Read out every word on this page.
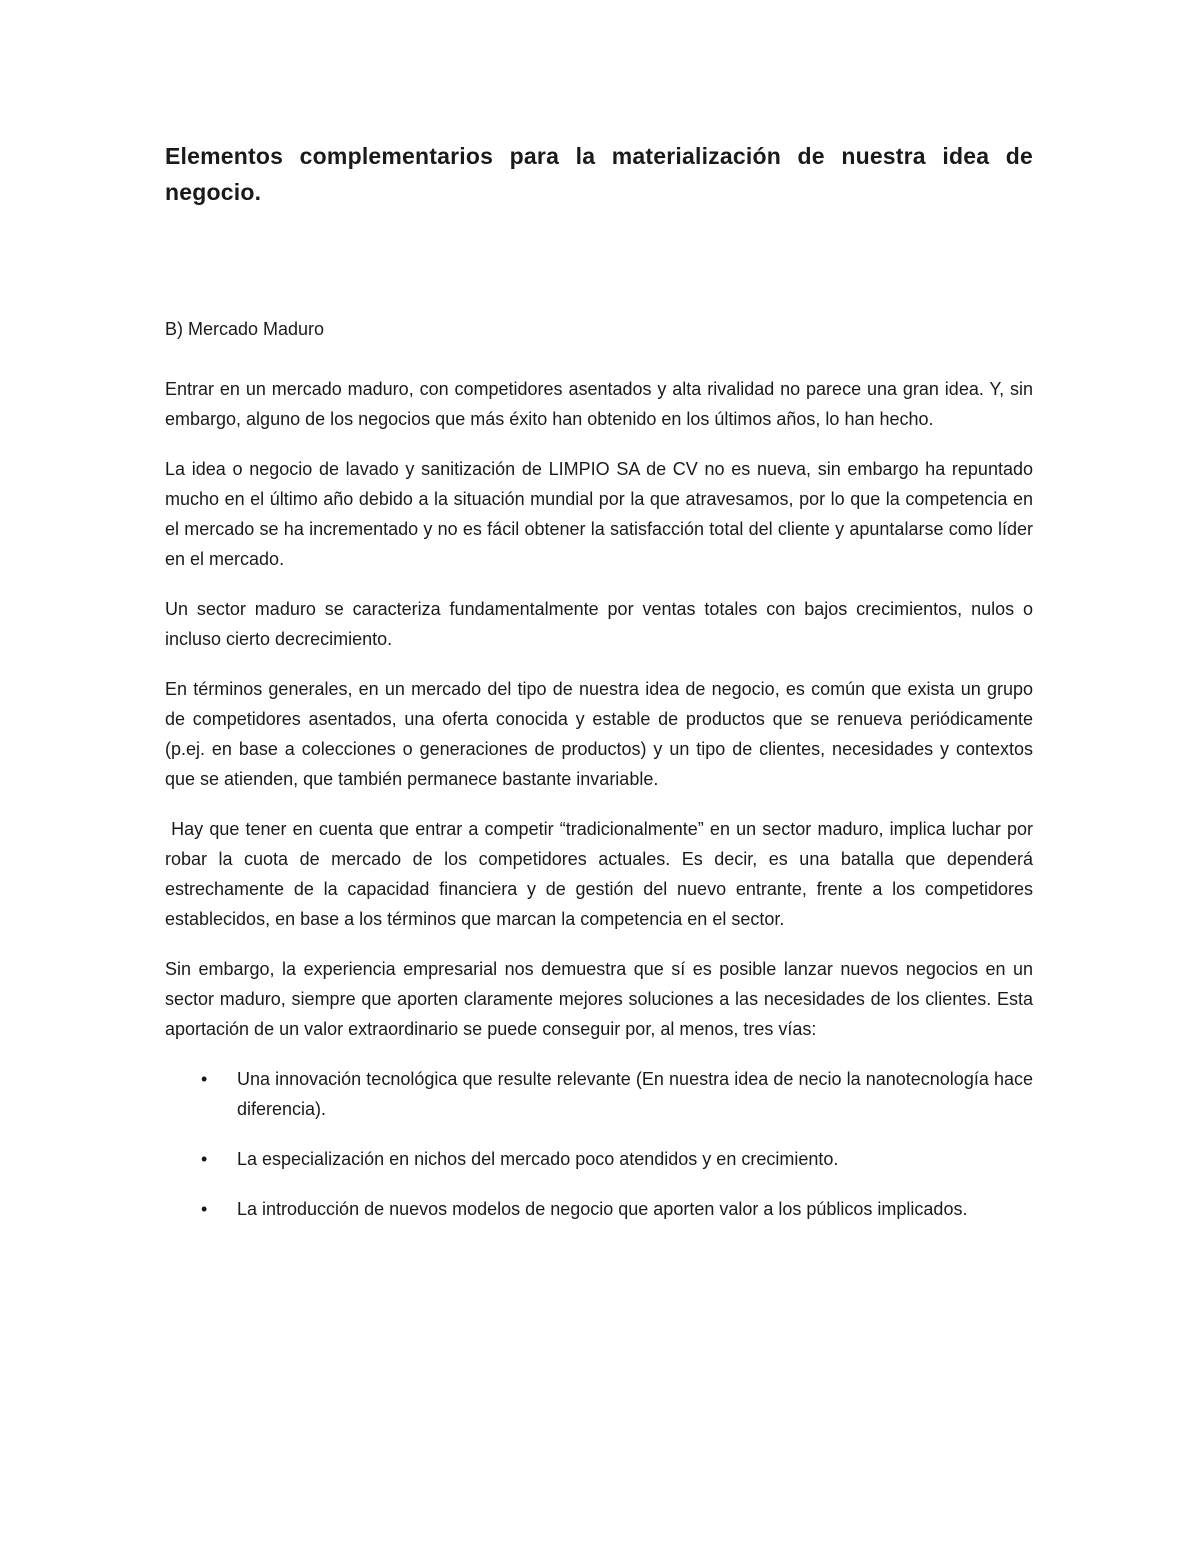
Elementos complementarios para la materialización de nuestra idea de negocio.
B) Mercado Maduro

Entrar en un mercado maduro, con competidores asentados y alta rivalidad no parece una gran idea. Y, sin embargo, alguno de los negocios que más éxito han obtenido en los últimos años, lo han hecho.

La idea o negocio de lavado y sanitización de LIMPIO SA de CV no es nueva, sin embargo ha repuntado mucho en el último año debido a la situación mundial por la que atravesamos, por lo que la competencia en el mercado se ha incrementado y no es fácil obtener la satisfacción total del cliente y apuntalarse como líder en el mercado.

Un sector maduro se caracteriza fundamentalmente por ventas totales con bajos crecimientos, nulos o incluso cierto decrecimiento.

En términos generales, en un mercado del tipo de nuestra idea de negocio, es común que exista un grupo de competidores asentados, una oferta conocida y estable de productos que se renueva periódicamente (p.ej. en base a colecciones o generaciones de productos) y un tipo de clientes, necesidades y contextos que se atienden, que también permanece bastante invariable.

Hay que tener en cuenta que entrar a competir “tradicionalmente” en un sector maduro, implica luchar por robar la cuota de mercado de los competidores actuales. Es decir, es una batalla que dependerá estrechamente de la capacidad financiera y de gestión del nuevo entrante, frente a los competidores establecidos, en base a los términos que marcan la competencia en el sector.

Sin embargo, la experiencia empresarial nos demuestra que sí es posible lanzar nuevos negocios en un sector maduro, siempre que aporten claramente mejores soluciones a las necesidades de los clientes. Esta aportación de un valor extraordinario se puede conseguir por, al menos, tres vías:

• Una innovación tecnológica que resulte relevante (En nuestra idea de necio la nanotecnología hace diferencia).
• La especialización en nichos del mercado poco atendidos y en crecimiento.
• La introducción de nuevos modelos de negocio que aporten valor a los públicos implicados.
